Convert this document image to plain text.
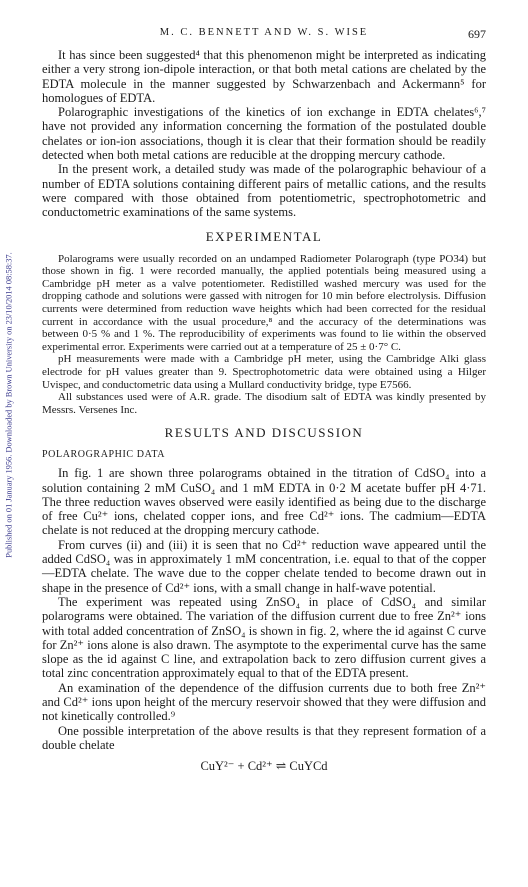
Published on 01 January 1956. Downloaded by Brown University on 23/10/2014 08:58:37.
M. C. BENNETT AND W. S. WISE	697

It has since been suggested⁴ that this phenomenon might be interpreted as indicating either a very strong ion-dipole interaction, or that both metal cations are chelated by the EDTA molecule in the manner suggested by Schwarzenbach and Ackermann⁵ for homologues of EDTA.

Polarographic investigations of the kinetics of ion exchange in EDTA chelates⁶,⁷ have not provided any information concerning the formation of the postulated double chelates or ion-ion associations, though it is clear that their formation should be readily detected when both metal cations are reducible at the dropping mercury cathode.

In the present work, a detailed study was made of the polarographic behaviour of a number of EDTA solutions containing different pairs of metallic cations, and the results were compared with those obtained from potentiometric, spectrophotometric and conductometric examinations of the same systems.

EXPERIMENTAL

Polarograms were usually recorded on an undamped Radiometer Polarograph (type PO34) but those shown in fig. 1 were recorded manually, the applied potentials being measured using a Cambridge pH meter as a valve potentiometer. Redistilled washed mercury was used for the dropping cathode and solutions were gassed with nitrogen for 10 min before electrolysis. Diffusion currents were determined from reduction wave heights which had been corrected for the residual current in accordance with the usual procedure,⁸ and the accuracy of the determinations was between 0·5 % and 1 %. The reproducibility of experiments was found to lie within the observed experimental error. Experiments were carried out at a temperature of 25 ± 0·7° C.

pH measurements were made with a Cambridge pH meter, using the Cambridge Alki glass electrode for pH values greater than 9. Spectrophotometric data were obtained using a Hilger Uvispec, and conductometric data using a Mullard conductivity bridge, type E7566.

All substances used were of A.R. grade. The disodium salt of EDTA was kindly presented by Messrs. Versenes Inc.

RESULTS AND DISCUSSION
POLAROGRAPHIC DATA

In fig. 1 are shown three polarograms obtained in the titration of CdSO₄ into a solution containing 2 mM CuSO₄ and 1 mM EDTA in 0·2 M acetate buffer pH 4·71. The three reduction waves observed were easily identified as being due to the discharge of free Cu²⁺ ions, chelated copper ions, and free Cd²⁺ ions. The cadmium—EDTA chelate is not reduced at the dropping mercury cathode.

From curves (ii) and (iii) it is seen that no Cd²⁺ reduction wave appeared until the added CdSO₄ was in approximately 1 mM concentration, i.e. equal to that of the copper—EDTA chelate. The wave due to the copper chelate tended to become drawn out in shape in the presence of Cd²⁺ ions, with a small change in half-wave potential.

The experiment was repeated using ZnSO₄ in place of CdSO₄ and similar polarograms were obtained. The variation of the diffusion current due to free Zn²⁺ ions with total added concentration of ZnSO₄ is shown in fig. 2, where the id against C curve for Zn²⁺ ions alone is also drawn. The asymptote to the experimental curve has the same slope as the id against C line, and extrapolation back to zero diffusion current gives a total zinc concentration approximately equal to that of the EDTA present.

An examination of the dependence of the diffusion currents due to both free Zn²⁺ and Cd²⁺ ions upon height of the mercury reservoir showed that they were diffusion and not kinetically controlled.⁹

One possible interpretation of the above results is that they represent formation of a double chelate

CuY²⁻ + Cd²⁺ ⇌ CuYCd
